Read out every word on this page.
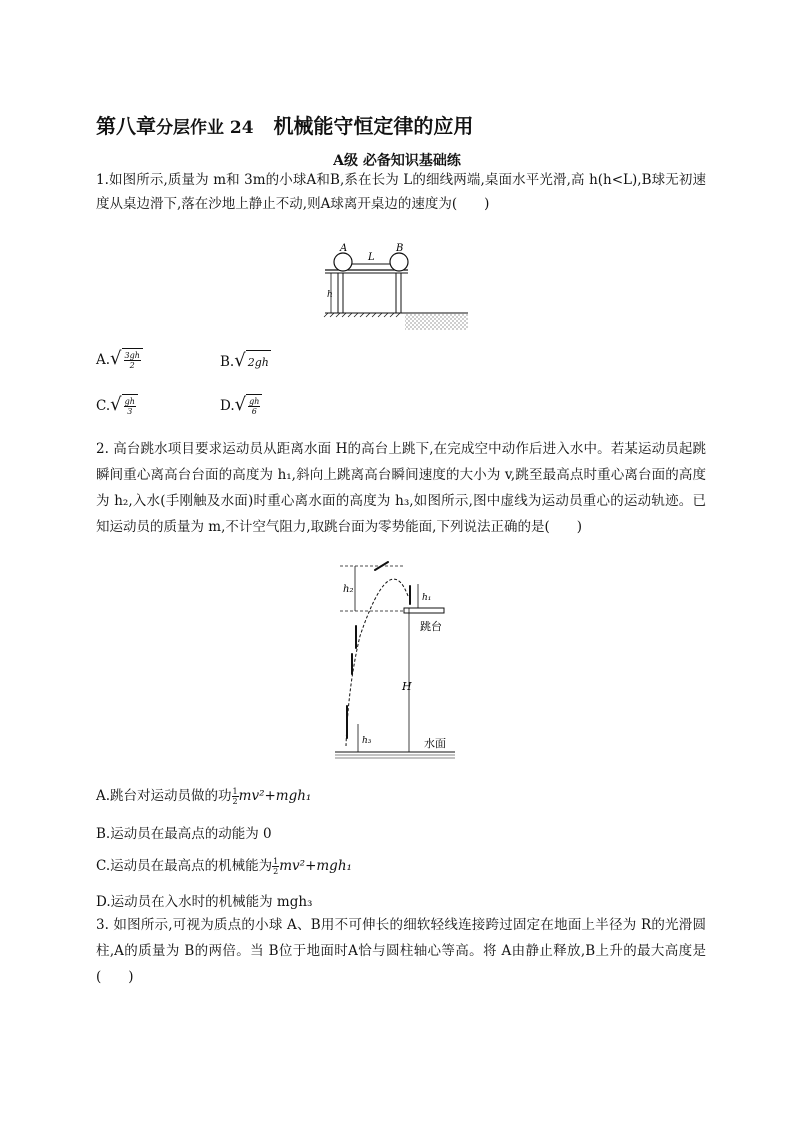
第八章分层作业 24 机械能守恒定律的应用
A级 必备知识基础练
1.如图所示,质量为 m和 3m的小球A和B,系在长为 L的细线两端,桌面水平光滑,高 h(h<L),B球无初速度从桌边滑下,落在沙地上静止不动,则A球离开桌边的速度为(　　)
h
A	B
L
A. √ $\frac{3gh}{2}$	B. √ 2gh
C. √ $\frac{gh}{3}$	D. √ $\frac{gh}{6}$
2. 高台跳水项目要求运动员从距离水面 H的高台上跳下,在完成空中动作后进入水中。若某运动员起跳瞬间重心离高台台面的高度为 h₁,斜向上跳离高台瞬间速度的大小为 v,跳至最高点时重心离台面的高度为 h₂,入水(手刚触及水面)时重心离水面的高度为 h₃,如图所示,图中虚线为运动员重心的运动轨迹。已知运动员的质量为 m,不计空气阻力,取跳台面为零势能面,下列说法正确的是(　　)
h₂
h₁
跳台
H
h₃	水面
A.跳台对运动员做的功 $\frac{1}{2} mv^2+mgh_1$
B.运动员在最高点的动能为 0
C.运动员在最高点的机械能为 $\frac{1}{2} mv^2+mgh_1$
D.运动员在入水时的机械能为 mgh₃
3. 如图所示,可视为质点的小球 A、B用不可伸长的细软轻线连接跨过固定在地面上半径为 R的光滑圆柱,A的质量为 B的两倍。当 B位于地面时A恰与圆柱轴心等高。将 A由静止释放,B上升的最大高度是(　　)
